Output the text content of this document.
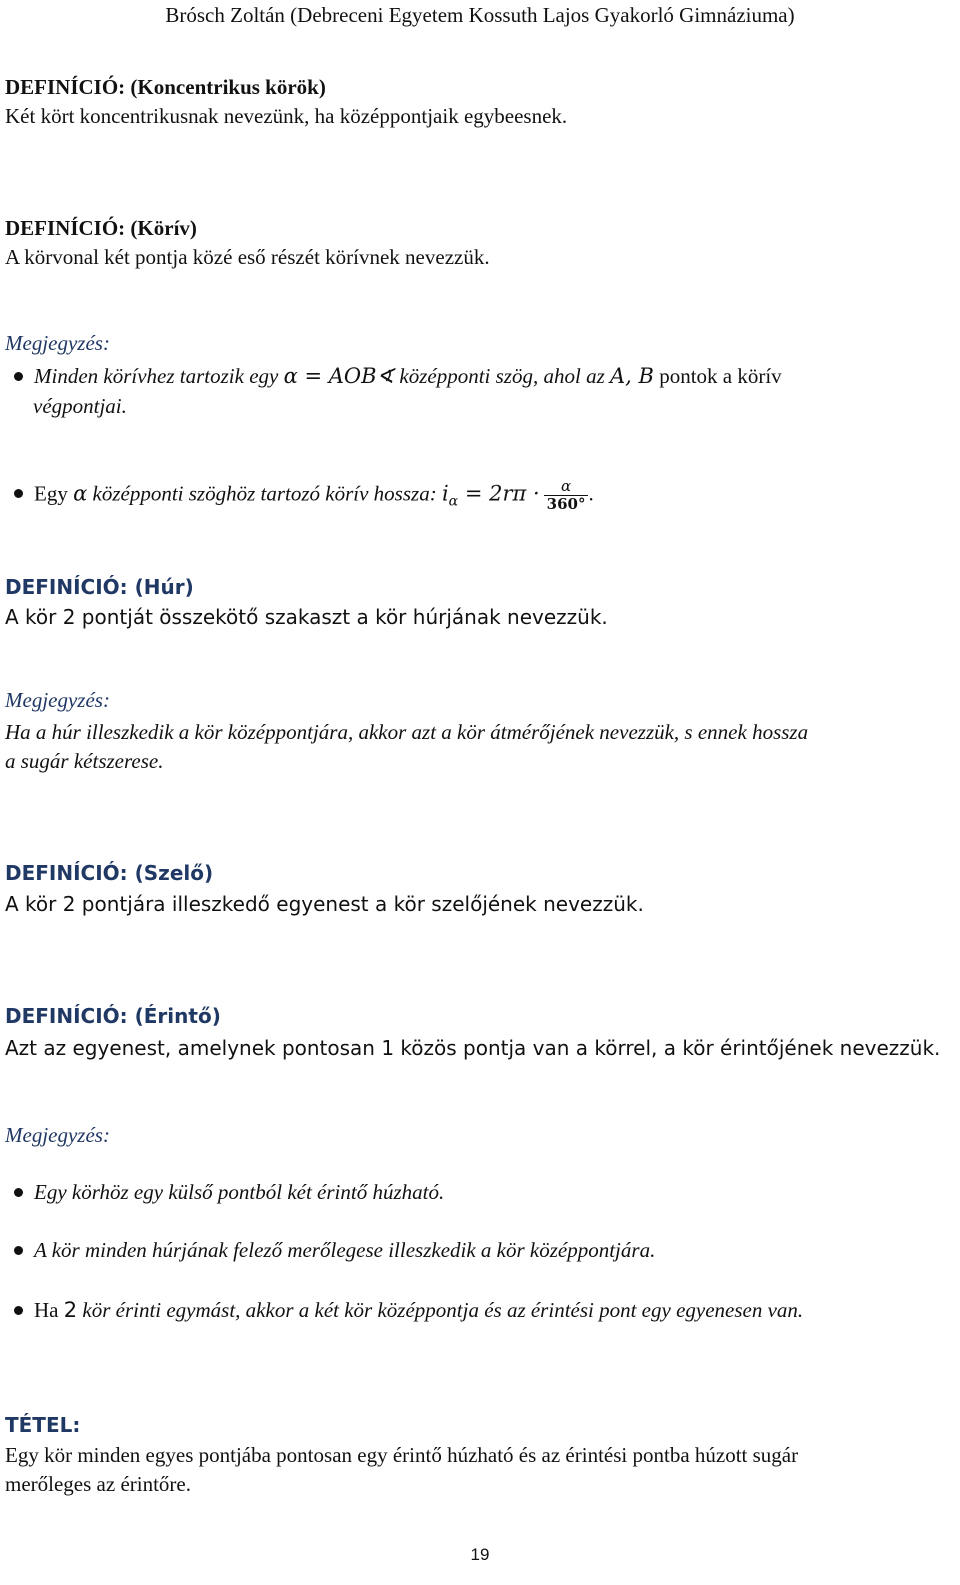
Brósch Zoltán (Debreceni Egyetem Kossuth Lajos Gyakorló Gimnáziuma)
DEFINÍCIÓ: (Koncentrikus körök)
Két kört koncentrikusnak nevezünk, ha középpontjaik egybeesnek.
DEFINÍCIÓ: (Körív)
A körvonal két pontja közé eső részét körívnek nevezzük.
Megjegyzés:
Minden körívhez tartozik egy α = AOB∢ középponti szög, ahol az A, B pontok a körív
végpontjai.
Egy α középponti szöghöz tartozó körív hossza: $i_\alpha = 2r\pi \cdot \frac{\alpha}{360^\circ}$ .
DEFINÍCIÓ: (Húr)
A kör 2 pontját összekötő szakaszt a kör húrjának nevezzük.
Megjegyzés:
Ha a húr illeszkedik a kör középpontjára, akkor azt a kör átmérőjének nevezzük, s ennek hossza
a sugár kétszerese.
DEFINÍCIÓ: (Szelő)
A kör 2 pontjára illeszkedő egyenest a kör szelőjének nevezzük.
DEFINÍCIÓ: (Érintő)
Azt az egyenest, amelynek pontosan 1 közös pontja van a körrel, a kör érintőjének nevezzük.
Megjegyzés:
Egy körhöz egy külső pontból két érintő húzható.
A kör minden húrjának felező merőlegese illeszkedik a kör középpontjára.
Ha 2 kör érinti egymást, akkor a két kör középpontja és az érintési pont egy egyenesen van.
TÉTEL:
Egy kör minden egyes pontjába pontosan egy érintő húzható és az érintési pontba húzott sugár
merőleges az érintőre.
19
